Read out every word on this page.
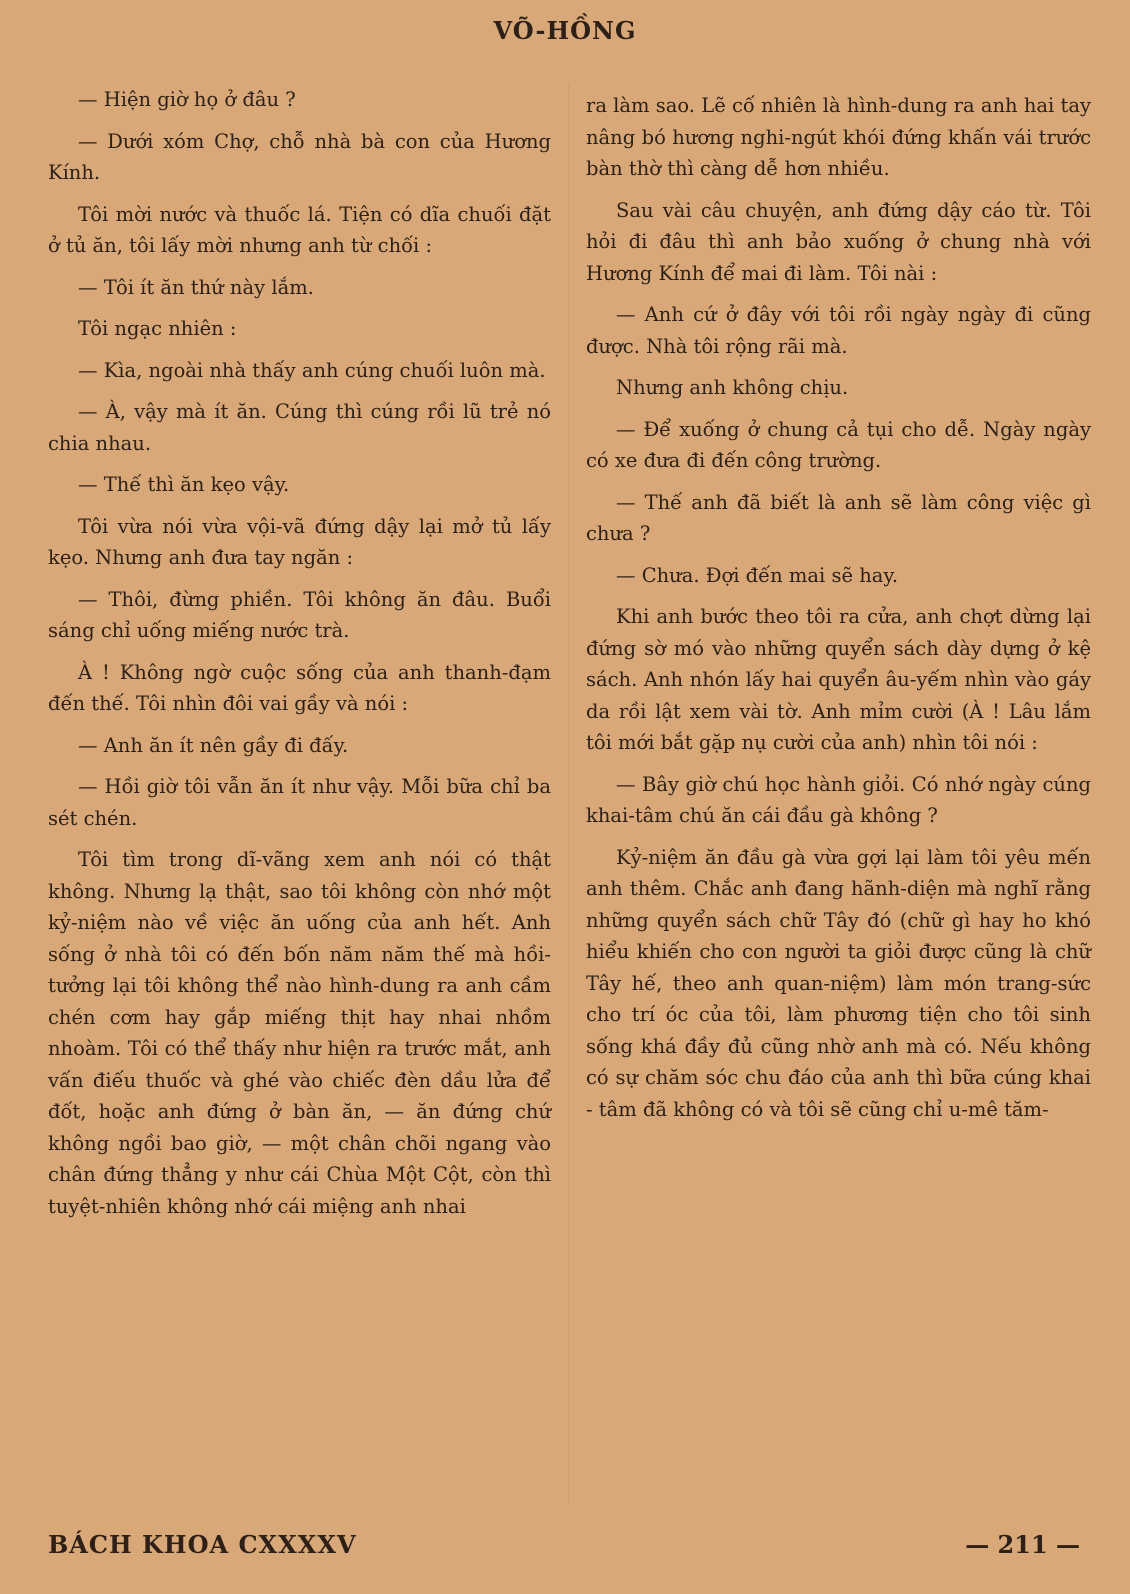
VÕ-HỒNG

— Hiện giờ họ ở đâu ?

— Dưới xóm Chợ, chỗ nhà bà con của Hương Kính.

Tôi mời nước và thuốc lá. Tiện có dĩa chuối đặt ở tủ ăn, tôi lấy mời nhưng anh từ chối :

— Tôi ít ăn thứ này lắm.

Tôi ngạc nhiên :

— Kìa, ngoài nhà thấy anh cúng chuối luôn mà.

— À, vậy mà ít ăn. Cúng thì cúng rồi lũ trẻ nó chia nhau.

— Thế thì ăn kẹo vậy.

Tôi vừa nói vừa vội-vã đứng dậy lại mở tủ lấy kẹo. Nhưng anh đưa tay ngăn :

— Thôi, đừng phiền. Tôi không ăn đâu. Buổi sáng chỉ uống miếng nước trà.

À ! Không ngờ cuộc sống của anh thanh-đạm đến thế. Tôi nhìn đôi vai gầy và nói :

— Anh ăn ít nên gầy đi đấy.

— Hồi giờ tôi vẫn ăn ít như vậy. Mỗi bữa chỉ ba sét chén.

Tôi tìm trong dĩ-vãng xem anh nói có thật không. Nhưng lạ thật, sao tôi không còn nhớ một kỷ-niệm nào về việc ăn uống của anh hết. Anh sống ở nhà tôi có đến bốn năm năm thế mà hồi-tưởng lại tôi không thể nào hình-dung ra anh cầm chén cơm hay gắp miếng thịt hay nhai nhồm nhoàm. Tôi có thể thấy như hiện ra trước mắt, anh vấn điếu thuốc và ghé vào chiếc đèn dầu lửa để đốt, hoặc anh đứng ở bàn ăn, — ăn đứng chứ không ngồi bao giờ, — một chân chõi ngang vào chân đứng thẳng y như cái Chùa Một Cột, còn thì tuyệt-nhiên không nhớ cái miệng anh nhai

ra làm sao. Lẽ cố nhiên là hình-dung ra anh hai tay nâng bó hương nghi-ngút khói đứng khấn vái trước bàn thờ thì càng dễ hơn nhiều.

Sau vài câu chuyện, anh đứng dậy cáo từ. Tôi hỏi đi đâu thì anh bảo xuống ở chung nhà với Hương Kính để mai đi làm. Tôi nài :

— Anh cứ ở đây với tôi rồi ngày ngày đi cũng được. Nhà tôi rộng rãi mà.

Nhưng anh không chịu.

— Để xuống ở chung cả tụi cho dễ. Ngày ngày có xe đưa đi đến công trường.

— Thế anh đã biết là anh sẽ làm công việc gì chưa ?

— Chưa. Đợi đến mai sẽ hay.

Khi anh bước theo tôi ra cửa, anh chợt dừng lại đứng sờ mó vào những quyển sách dày dựng ở kệ sách. Anh nhón lấy hai quyển âu-yếm nhìn vào gáy da rồi lật xem vài tờ. Anh mỉm cười (À ! Lâu lắm tôi mới bắt gặp nụ cười của anh) nhìn tôi nói :

— Bây giờ chú học hành giỏi. Có nhớ ngày cúng khai-tâm chú ăn cái đầu gà không ?

Kỷ-niệm ăn đầu gà vừa gợi lại làm tôi yêu mến anh thêm. Chắc anh đang hãnh-diện mà nghĩ rằng những quyển sách chữ Tây đó (chữ gì hay ho khó hiểu khiến cho con người ta giỏi được cũng là chữ Tây hế, theo anh quan-niệm) làm món trang-sức cho trí óc của tôi, làm phương tiện cho tôi sinh sống khá đầy đủ cũng nhờ anh mà có. Nếu không có sự chăm sóc chu đáo của anh thì bữa cúng khai - tâm đã không có và tôi sẽ cũng chỉ u-mê tăm-

BÁCH KHOA CXXXXV	— 211 —
